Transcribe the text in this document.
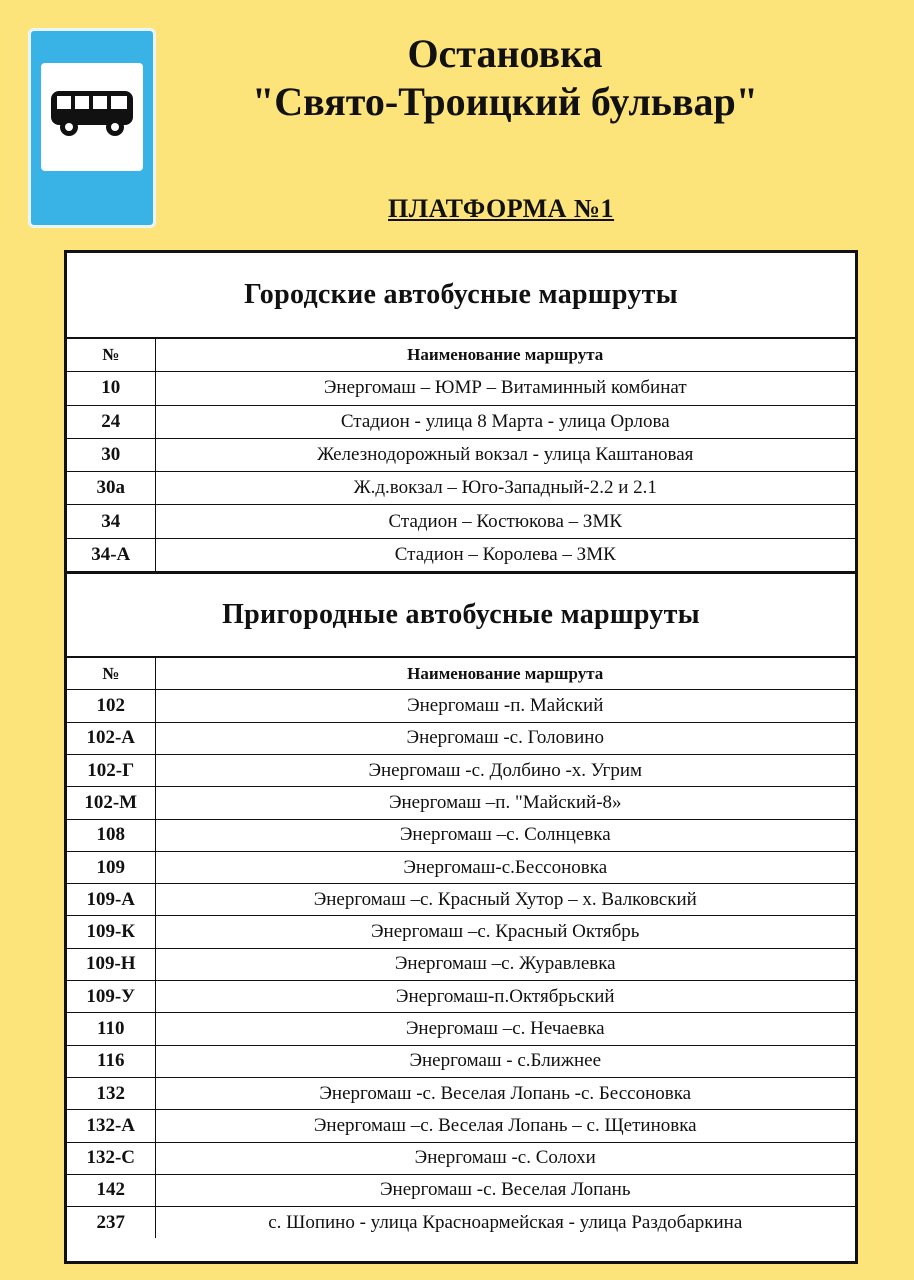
Остановка
"Свято-Троицкий бульвар"
ПЛАТФОРМА №1
Городские автобусные маршруты
№	Наименование маршрута
10	Энергомаш – ЮМР – Витаминный комбинат
24	Стадион - улица 8 Марта - улица Орлова
30	Железнодорожный вокзал - улица Каштановая
30а	Ж.д.вокзал – Юго-Западный-2.2 и 2.1
34	Стадион – Костюкова – ЗМК
34-А	Стадион – Королева – ЗМК
Пригородные автобусные маршруты
№	Наименование маршрута
102	Энергомаш -п. Майский
102-А	Энергомаш -с. Головино
102-Г	Энергомаш -с. Долбино -х. Угрим
102-М	Энергомаш –п. "Майский-8»
108	Энергомаш –с. Солнцевка
109	Энергомаш-с.Бессоновка
109-А	Энергомаш –с. Красный Хутор – х. Валковский
109-К	Энергомаш –с. Красный Октябрь
109-Н	Энергомаш –с. Журавлевка
109-У	Энергомаш-п.Октябрьский
110	Энергомаш –с. Нечаевка
116	Энергомаш - с.Ближнее
132	Энергомаш -с. Веселая Лопань -с. Бессоновка
132-А	Энергомаш –с. Веселая Лопань – с. Щетиновка
132-С	Энергомаш -с. Солохи
142	Энергомаш -с. Веселая Лопань
237	с. Шопино - улица Красноармейская - улица Раздобаркина
